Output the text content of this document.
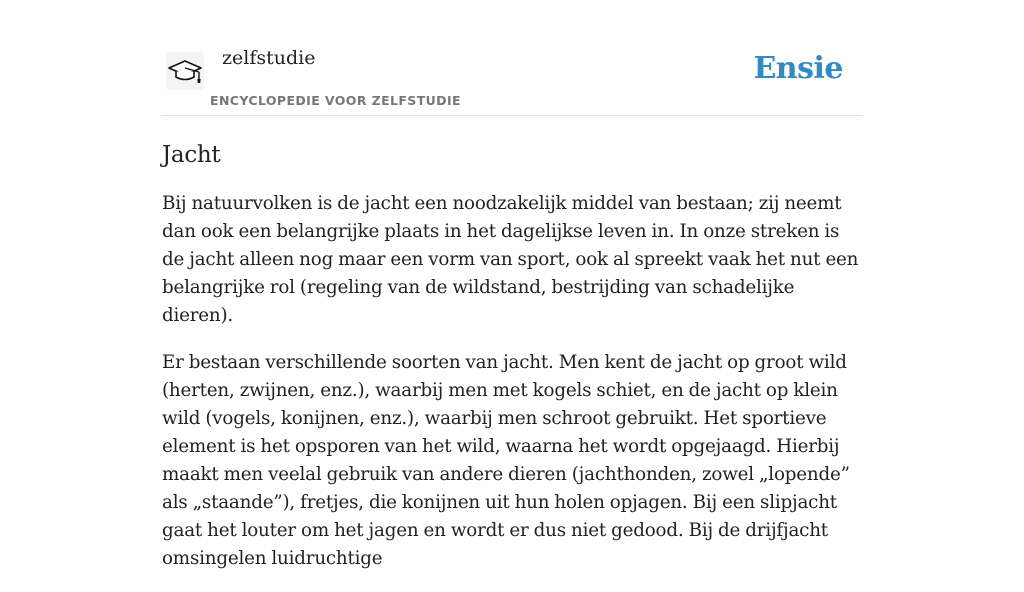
zelfstudie
ENCYCLOPEDIE VOOR ZELFSTUDIE
Ensie
Jacht

Bij natuurvolken is de jacht een noodzakelijk middel van bestaan; zij neemt dan ook een belangrijke plaats in het dagelijkse leven in. In onze streken is de jacht alleen nog maar een vorm van sport, ook al spreekt vaak het nut een belangrijke rol (regeling van de wildstand, bestrijding van schadelijke dieren).

Er bestaan verschillende soorten van jacht. Men kent de jacht op groot wild (herten, zwijnen, enz.), waarbij men met kogels schiet, en de jacht op klein wild (vogels, konijnen, enz.), waarbij men schroot gebruikt. Het sportieve element is het opsporen van het wild, waarna het wordt opgejaagd. Hierbij maakt men veelal gebruik van andere dieren (jachthonden, zowel „lopende” als „staande”), fretjes, die konijnen uit hun holen opjagen. Bij een slipjacht gaat het louter om het jagen en wordt er dus niet gedood. Bij de drijfjacht omsingelen luidruchtige
